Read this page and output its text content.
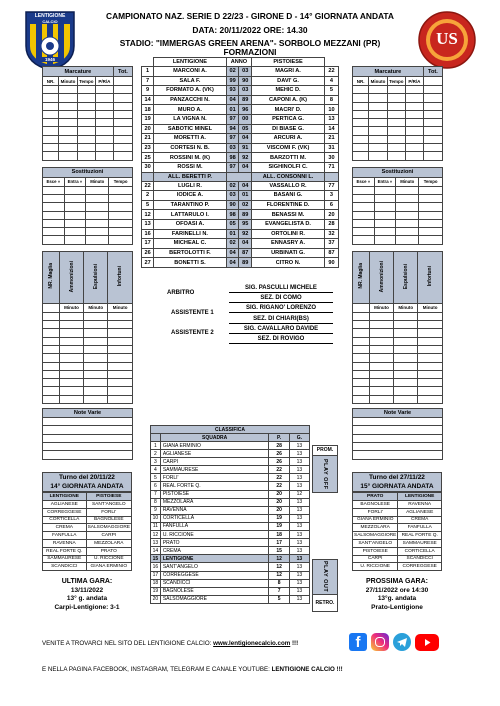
LENTIGIONE
CALCIO
1946
US
CAMPIONATO NAZ. SERIE D 22/23 - GIRONE D - 14° GIORNATA ANDATA
DATA: 20/11/2022 ORE: 14.30
STADIO: "IMMERGAS GREEN ARENA"- SORBOLO MEZZANI (PR)
FORMAZIONI
Marcature				Tot.
NR.	Minuto	Tempo	P/R/A	

Sostituzioni			
Esce »	Entra »	Minuto	Tempo

NR. Maglia	Ammonizioni	Espulsioni	Infortuni
	Minuto	Minuto	Minuto

Note Varie

Marcature				Tot.
NR.	Minuto	Tempo	P/R/A	

Sostituzioni			
Esce »	Entra »	Minuto	Tempo

NR. Maglia	Ammonizioni	Espulsioni	Infortuni
	Minuto	Minuto	Minuto

Note Varie

	LENTIGIONE	ANNO		PISTOIESE	
1	MARCONI A.	02	03	MAGRI A.	22
7	SALA F.	99	90	DAVI' G.	4
9	FORMATO A. (VK)	93	03	MEHIC D.	5
14	PANZACCHI N.	04	89	CAPONI A. (K)	8
18	MURO A.	01	96	MACRI' D.	10
19	LA VIGNA N.	97	00	PERTICA G.	13
20	SABOTIC MINEL	94	05	DI BIASE G.	14
21	MORETTI A.	97	04	ARCURI A.	21
23	CORTESI N. B.	03	91	VISCOMI F. (VK)	31
25	ROSSINI M. (K)	98	92	BARZOTTI M.	30
30	ROSSI M.	97	04	SIGHINOLFI C.	71
	ALL. BERETTI P.			ALL. CONSONNI L.	
22	LUGLI R.	02	04	VASSALLO R.	77
2	IODICE A.	03	01	BASANI G.	3
5	TARANTINO P.	90	02	FLORENTINE D.	6
12	LATTARULO I.	98	89	BENASSI M.	20
13	OFOASI A.	05	95	EVANGELISTA D.	28
16	FARINELLI N.	01	92	ORTOLINI R.	32
17	MICHEAL C.	02	04	ENNASRY A.	37
26	BERTOLOTTI F.	04	87	URBINATI G.	87
27	BONETTI S.	04	89	CITRO N.	90
ARBITRO
SIG. PASCULLI MICHELE
SEZ. DI COMO
ASSISTENTE 1
SIG. RIGANO' LORENZO
SEZ. DI CHIARI(BS)
ASSISTENTE 2
SIG. CAVALLARO DAVIDE
SEZ. DI ROVIGO
CLASSIFICA			
	SQUADRA	P.	G.
1	GIANA ERMINIO	28	13
2	AGLIANESE	26	13
3	CARPI	26	13
4	SAMMAURESE	22	13
5	FORLI'	22	13
6	REAL FORTE Q.	22	13
7	PISTOIESE	20	12
8	MEZZOLARA	20	13
9	RAVENNA	20	13
10	CORTICELLA	19	13
11	FANFULLA	19	13
12	U. RICCIONE	18	13
13	PRATO	17	13
14	CREMA	15	13
15	LENTIGIONE	12	13
16	SANT'ANGELO	12	13
17	CORREGGESE	12	13
18	SCANDICCI	8	13
19	BAGNOLESE	7	13
20	SALSOMAGGIORE	5	13
PROM.
PLAY OFF
PLAY OUT
RETRO.
Turno del 20/11/22
14° GIORNATA ANDATA
LENTIGIONE	PISTOIESE
AGLIANESE	SANT'ANGELO
CORREGGESE	FORLI'
CORTICELLA	BAGNOLESE
CREMA	SALSOMAGGIORE
FANFULLA	CARPI
RAVENNA	MEZZOLARA
REAL FORTE Q.	PRATO
SAMMAURESE	U. RICCIONE
SCANDICCI	GIANA ERMINIO
Turno del 27/11/22
15° GIORNATA ANDATA
PRATO	LENTIGIONE
BAGNOLESE	RAVENNA
FORLI'	AGLIANESE
GIANA ERMINIO	CREMA
MEZZOLARA	FANFULLA
SALSOMAGGIORE	REAL FORTE Q.
SANT'ANGELO	SAMMAURESE
PISTOIESE	CORTICELLA
CARPI	SCANDICCI
U. RICCIONE	CORREGGESE
ULTIMA GARA:
13/11/2022
13° g. andata
Carpi-Lentigione: 3-1
PROSSIMA GARA:
27/11/2022 ore 14:30
13°g. andata
Prato-Lentigione
VENITE A TROVARCI NEL SITO DEL LENTIGIONE CALCIO: www.lentigionecalcio.com !!!	f
E NELLA PAGINA FACEBOOK, INSTAGRAM, TELEGRAM E CANALE YOUTUBE: LENTIGIONE CALCIO !!!
